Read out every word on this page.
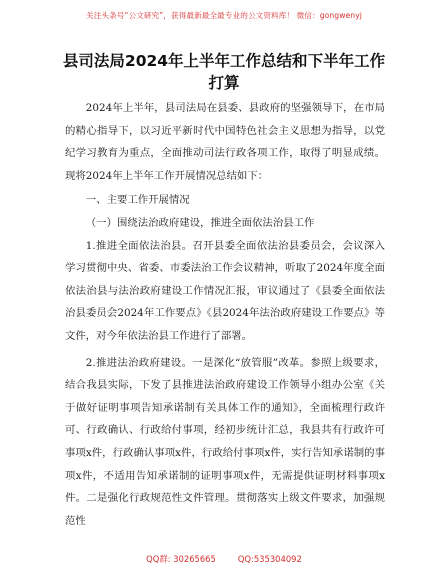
关注头条号“公文研究”，获得最新最全最专业的公文资料库！ 微信：gongwenyj
县司法局2024年上半年工作总结和下半年工作
打算

2024年上半年，县司法局在县委、县政府的坚强领导下，在市局的精心指导下，以习近平新时代中国特色社会主义思想为指导，以党纪学习教育为重点，全面推动司法行政各项工作，取得了明显成绩。现将2024年上半年工作开展情况总结如下：

一、主要工作开展情况

（一）围绕法治政府建设，推进全面依法治县工作

1.推进全面依法治县。召开县委全面依法治县委员会，会议深入学习贯彻中央、省委、市委法治工作会议精神，听取了2024年度全面依法治县与法治政府建设工作情况汇报，审议通过了《县委全面依法治县委员会2024年工作要点》《县2024年法治政府建设工作要点》等文件，对今年依法治县工作进行了部署。

2.推进法治政府建设。一是深化“放管服”改革。参照上级要求，结合我县实际，下发了县推进法治政府建设工作领导小组办公室《关于做好证明事项告知承诺制有关具体工作的通知》，全面梳理行政许可、行政确认、行政给付事项，经初步统计汇总，我县共有行政许可事项x件，行政确认事项x件，行政给付事项x件，实行告知承诺制的事项x件，不适用告知承诺制的证明事项x件，无需提供证明材料事项x件。二是强化行政规范性文件管理。贯彻落实上级文件要求，加强规范性

QQ群: 30265665	QQ:535304092
